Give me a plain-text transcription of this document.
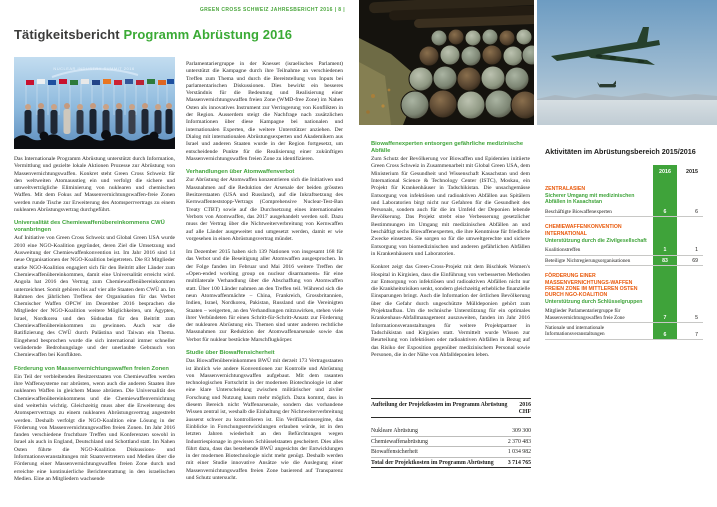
GREEN CROSS SCHWEIZ JAHRESBERICHT 2016 | 8 |
Tätigkeitsbericht Programm Abrüstung 2016
NUCLEAR INDUSTRY SUMMIT 2016

Das Internationale Programm Abrüstung unterstützt durch Information, Vermittlung und gezielte lokale Aktionen Prozesse zur Abrüstung von Massenvernichtungswaffen. Konkret steht Green Cross Schweiz für den weltweiten Atomausstieg ein und verfolgt die sichere und umweltverträgliche Eliminierung von nuklearen und chemischen Waffen. Mit dem Fokus auf Massenvernichtungswaffen-freie Zonen werden runde Tische zur Erweiterung des Atomsperrvertrags zu einem nuklearen Abrüstungsvertrag durchgeführt.

Universalität des Chemiewaffenübereinkommens CWÜ voranbringen

Auf Initiative von Green Cross Schweiz und Global Green USA wurde 2010 eine NGO-Koalition gegründet, deren Ziel die Umsetzung und Ausweitung der Chemiewaffenkonvention ist. Im Jahr 2016 sind 14 neue Organisationen der NGO-Koalition beigetreten. Die 83 Mitglieder starke NGO-Koalition engagiert sich für den Beitritt aller Länder zum Chemiewaffenübereinkommen, damit eine Universalität erreicht wird. Angola hat 2016 den Vertrag zum Chemiewaffenübereinkommen unterzeichnet. Somit gehören bis auf vier alle Staaten dem CWÜ an. Im Rahmen des jährlichen Treffens der Organisation für das Verbot Chemischer Waffen OPCW im Dezember 2016 besprachen die Mitglieder der NGO-Koalition weitere Möglichkeiten, um Ägypten, Israel, Nordkorea und den Südsudan für den Beitritt zum Chemiewaffenübereinkommen zu gewinnen. Auch war die Ratifizierung des CWÜ durch Palästina und Taiwan ein Thema. Eingehend besprochen wurde die sich international immer schneller verändernde Bedrohungslage und der unerlaubte Gebrauch von Chemiewaffen bei Konflikten.

Förderung von Massenvernichtungswaffen freien Zonen

Ein Teil der verbleibenden Besitzerstaaten von Chemiewaffen werden ihre Waffensysteme nur abrüsten, wenn auch die anderen Staaten ihre nuklearen Waffen in gleichem Masse abrüsten. Die Universalität des Chemiewaffenübereinkommens und die Chemiewaffenvernichtung sind weiterhin wichtig. Gleichzeitig muss aber die Erweiterung des Atomsperrvertrags zu einem nuklearen Abrüstungsvertrag angestrebt werden. Deshalb verfolgt die NGO-Koalition eine Lösung in der Förderung von Massenvernichtungswaffen freien Zonen. Im Jahr 2016 fanden verschiedene fruchtbare Treffen und Konferenzen sowohl in Israel als auch in England, Deutschland und Schottland statt. Im Nahen Osten führte die NGO-Koalition Diskussions- und Informationsveranstaltungen mit Staatsvertretern und Medien über die Förderung einer Massenvernichtungswaffen freien Zone durch und erreichte eine kontinuierliche Berichterstattung in den israelischen Medien. Eine an Mitgliedern wachsende

Parlamentariergruppe in der Knesset (israelisches Parlament) unterstützt die Kampagne durch ihre Teilnahme an verschiedenen Treffen zum Thema und durch die Bereitstellung von Inputs bei parlamentarischen Diskussionen. Dies bewirkt ein besseres Verständnis für die Bedeutung und Realisierung einer Massenvernichtungswaffen freien Zone (WMD-free Zone) im Nahen Osten als innovatives Instrument zur Verringerung von Konflikten in der Region. Ausserdem steigt die Nachfrage nach zusätzlichen Informationen über diese Kampagne bei nationalen und internationalen Experten, die weitere Unterstützer anziehen. Der Dialog mit internationalen Abrüstungsexperten und Akademikern aus Israel und anderen Staaten wurde in der Region fortgesetzt, um entscheidende Punkte für die Realisierung einer zukünftigen Massenvernichtungswaffen freien Zone zu identifizieren.

Verhandlungen über Atomwaffenverbot

Zur Abrüstung der Atomwaffen konzentrieren sich die Initiativen und Massnahmen auf die Reduktion der Arsenale der beiden grössten Besitzerstaaten (USA und Russland), auf die Inkraftsetzung des Kernwaffenteststopp-Vertrags (Comprehensive Nuclear-Test-Ban Treaty CTBT) sowie auf die Durchsetzung eines internationalen Verbots von Atomwaffen, das 2017 ausgehandelt werden soll. Dazu muss der Vertrag über die Nichtweiterverbreitung von Kernwaffen auf alle Länder ausgeweitet und umgesetzt werden, damit er wie vorgesehen in einen Abrüstungsvertrag mündet.

Im Dezember 2015 haben sich 139 Nationen von insgesamt 168 für das Verbot und die Beseitigung aller Atomwaffen ausgesprochen. In der Folge fanden im Februar und Mai 2016 weitere Treffen der «Open-ended working group on nuclear disarmament» für eine multilaterale Verhandlung über die Abschaffung von Atomwaffen statt. Über 100 Länder nahmen an den Treffen teil. Während sich die neun Atomwaffenmächte – China, Frankreich, Grossbritannien, Indien, Israel, Nordkorea, Pakistan, Russland und die Vereinigten Staaten – weigerten, an den Verhandlungen mitzuwirken, stehen viele ihrer Verbündeten für einen Schritt-für-Schritt-Ansatz zur Förderung der nuklearen Abrüstung ein. Themen sind unter anderen rechtliche Massnahmen zur Reduktion der Atomwaffenarsenale sowie das Verbot für nuklear bestückte Marschflugkörper.

Studie über Biowaffensicherheit

Das Biowaffenübereinkommen BWÜ mit derzeit 173 Vertragsstaaten ist ähnlich wie andere Konventionen zur Kontrolle und Abrüstung von Massenvernichtungswaffen aufgebaut. Mit dem rasanten technologischen Fortschritt in der modernen Biotechnologie ist aber eine klare Unterscheidung zwischen militärischer und ziviler Forschung und Nutzung kaum mehr möglich. Dazu kommt, dass in diesem Bereich nicht Waffenarsenale, sondern das vorhandene Wissen zentral ist, weshalb die Einhaltung der Nichtweiterverbreitung äusserst schwer zu kontrollieren ist. Ein Verifikationsregime, das Einblicke in Forschungsentwicklungen erlauben würde, ist in den letzten Jahren wiederholt an den Befürchtungen wegen Industriespionage in gewissen Schlüsselstaaten gescheitert. Dies alles führt dazu, dass das bestehende BWÜ angesichts der Entwicklungen in der modernen Biotechnologie nicht mehr genügt. Deshalb werden mit einer Studie innovative Ansätze wie die Auslegung einer Massenvernichtungswaffen freien Zone basierend auf Transparenz und Schutz untersucht.

Biowaffenexperten entsorgen gefährliche medizinische Abfälle

Zum Schutz der Bevölkerung vor Biowaffen und Epidemien initiierte Green Cross Schweiz in Zusammenarbeit mit Global Green USA, dem Ministerium für Gesundheit und Wissenschaft Kasachstan und dem International Science & Technology Center (ISTC), Moskau, ein Projekt für Krankenhäuser in Tadschikistan. Die unsachgemässe Entsorgung von infektiösen und radioaktiven Abfällen aus Spitälern und Laboratorien birgt nicht nur Gefahren für die Gesundheit des Personals, sondern auch für die im Umfeld der Deponien lebende Bevölkerung. Das Projekt strebt eine Verbesserung gesetzlicher Bestimmungen im Umgang mit medizinischen Abfällen an und beschäftigt sechs Biowaffenexperten, die ihre Kenntnisse für friedliche Zwecke einsetzen. Sie sorgen so für die umweltgerechte und sichere Entsorgung von biomedizinischen und anderen gefährlichen Abfällen in Krankenhäusern und Laboratorien.

Konkret zeigt das Green-Cross-Projekt mit dem Bischkek Women's Hospital in Kirgisien, dass die Einführung von verbesserten Methoden zur Entsorgung von infektiösen und radioaktiven Abfällen nicht nur die Krankheitsrisiken senkt, sondern gleichzeitig erhebliche finanzielle Einsparungen bringt. Auch die Information der örtlichen Bevölkerung über die Gefahr durch ungeschützte Mülldeponien gehört zum Projektaufbau. Um die technische Unterstützung für ein optimales Krankenhaus-Abfallmanagement auszuweiten, fanden im Jahr 2016 Informationsveranstaltungen für weitere Projektpartner in Tadschikistan und Kirgisien statt. Vermittelt wurde Wissen zur Beurteilung von infektiösen oder radioaktiven Abfällen in Bezug auf das Risiko der Exposition gegenüber medizinischem Personal sowie Personen, die in der Nähe von Abfalldeponien leben.

Aufteilung der Projektkosten im Programm Abrüstung 2016
CHF
Nukleare Abrüstung	309 300
Chemiewaffenabrüstung	2 370 483
Biowaffensicherheit	1 034 982
Total der Projektkosten im Programm Abrüstung 3 714 765
Aktivitäten im Abrüstungsbereich 2015/2016
2016	2015
ZENTRALASIEN
Sicherer Umgang mit medizinischen Abfällen in Kasachstan
Beschäftigte Biowaffenexperten	6	6
CHEMIEWAFFENKONVENTION INTERNATIONAL
Unterstützung durch die Zivilgesellschaft
Koalitionstreffen	1	1
Beteiligte Nichtregierungsorganisationen	83	69
FÖRDERUNG EINER MASSENVERNICHTUNGS-WAFFEN FREIEN ZONE IM MITTLEREN OSTEN DURCH NGO-KOALITION
Unterstützung durch Schlüsselgruppen
Mitglieder Parlamentariergruppe für Massenvernichtungswaffen freie Zone	7	5
Nationale und internationale Informationsveranstaltungen	6	7
